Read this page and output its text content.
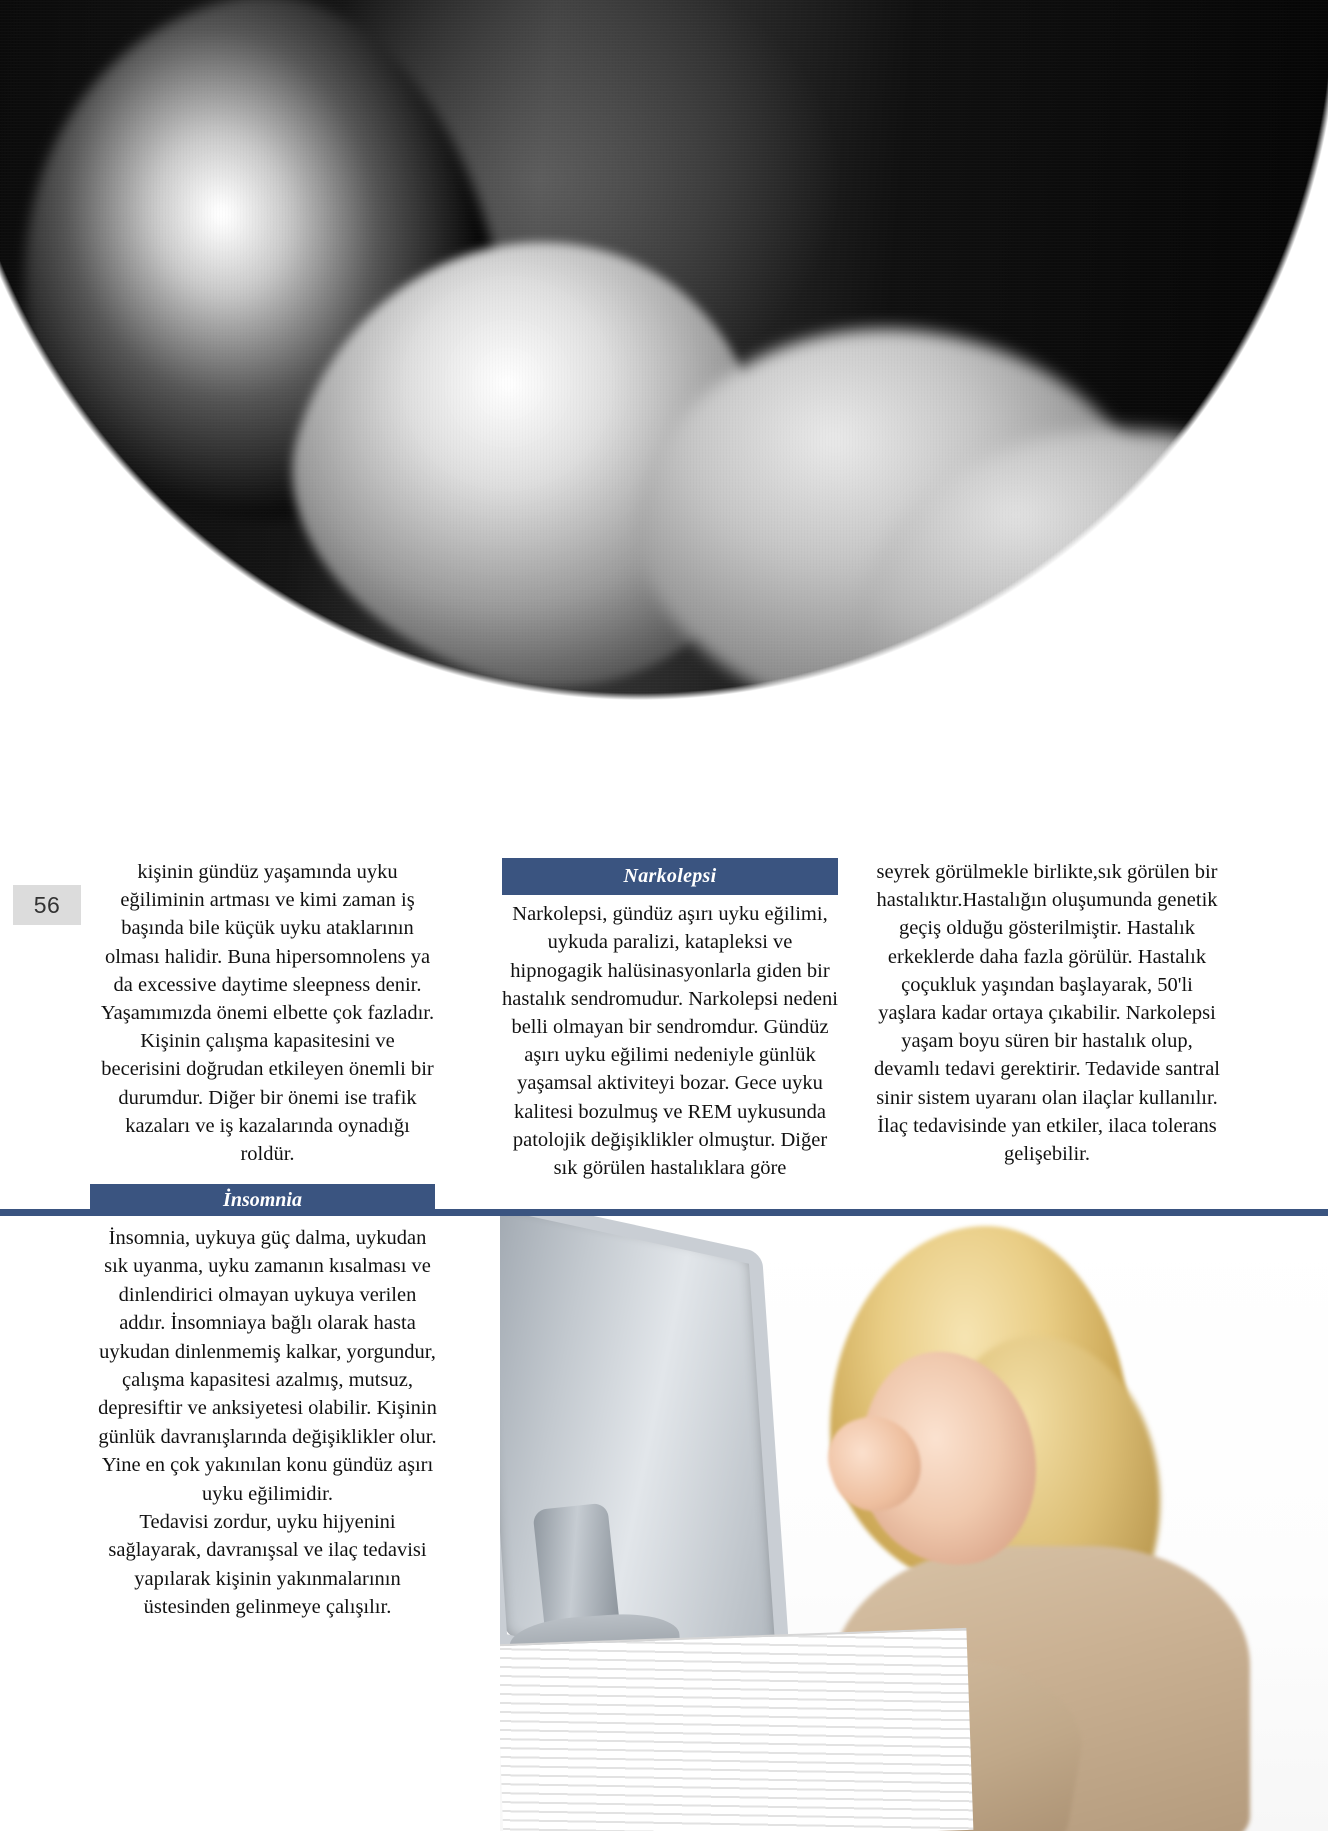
56

kişinin gündüz yaşamında uyku eğiliminin artması ve kimi zaman iş başında bile küçük uyku ataklarının olması halidir. Buna hipersomnolens ya da excessive daytime sleepness denir. Yaşamımızda önemi elbette çok fazladır. Kişinin çalışma kapasitesini ve becerisini doğrudan etkileyen önemli bir durumdur. Diğer bir önemi ise trafik kazaları ve iş kazalarında oynadığı roldür.

Narkolepsi

Narkolepsi, gündüz aşırı uyku eğilimi, uykuda paralizi, katapleksi ve hipnogagik halüsinasyonlarla giden bir hastalık sendromudur. Narkolepsi nedeni belli olmayan bir sendromdur. Gündüz aşırı uyku eğilimi nedeniyle günlük yaşamsal aktiviteyi bozar. Gece uyku kalitesi bozulmuş ve REM uykusunda patolojik değişiklikler olmuştur. Diğer sık görülen hastalıklara göre

seyrek görülmekle birlikte,sık görülen bir hastalıktır.Hastalığın oluşumunda genetik geçiş olduğu gösterilmiştir. Hastalık erkeklerde daha fazla görülür. Hastalık çoçukluk yaşından başlayarak, 50'li yaşlara kadar ortaya çıkabilir. Narkolepsi yaşam boyu süren bir hastalık olup, devamlı tedavi gerektirir. Tedavide santral sinir sistem uyaranı olan ilaçlar kullanılır. İlaç tedavisinde yan etkiler, ilaca tolerans gelişebilir.

İnsomnia

İnsomnia, uykuya güç dalma, uykudan sık uyanma, uyku zamanın kısalması ve dinlendirici olmayan uykuya verilen addır. İnsomniaya bağlı olarak hasta uykudan dinlenmemiş kalkar, yorgundur, çalışma kapasitesi azalmış, mutsuz, depresiftir ve anksiyetesi olabilir. Kişinin günlük davranışlarında değişiklikler olur.

Yine en çok yakınılan konu gündüz aşırı uyku eğilimidir.

Tedavisi zordur, uyku hijyenini sağlayarak, davranışsal ve ilaç tedavisi yapılarak kişinin yakınmalarının üstesinden gelinmeye çalışılır.
